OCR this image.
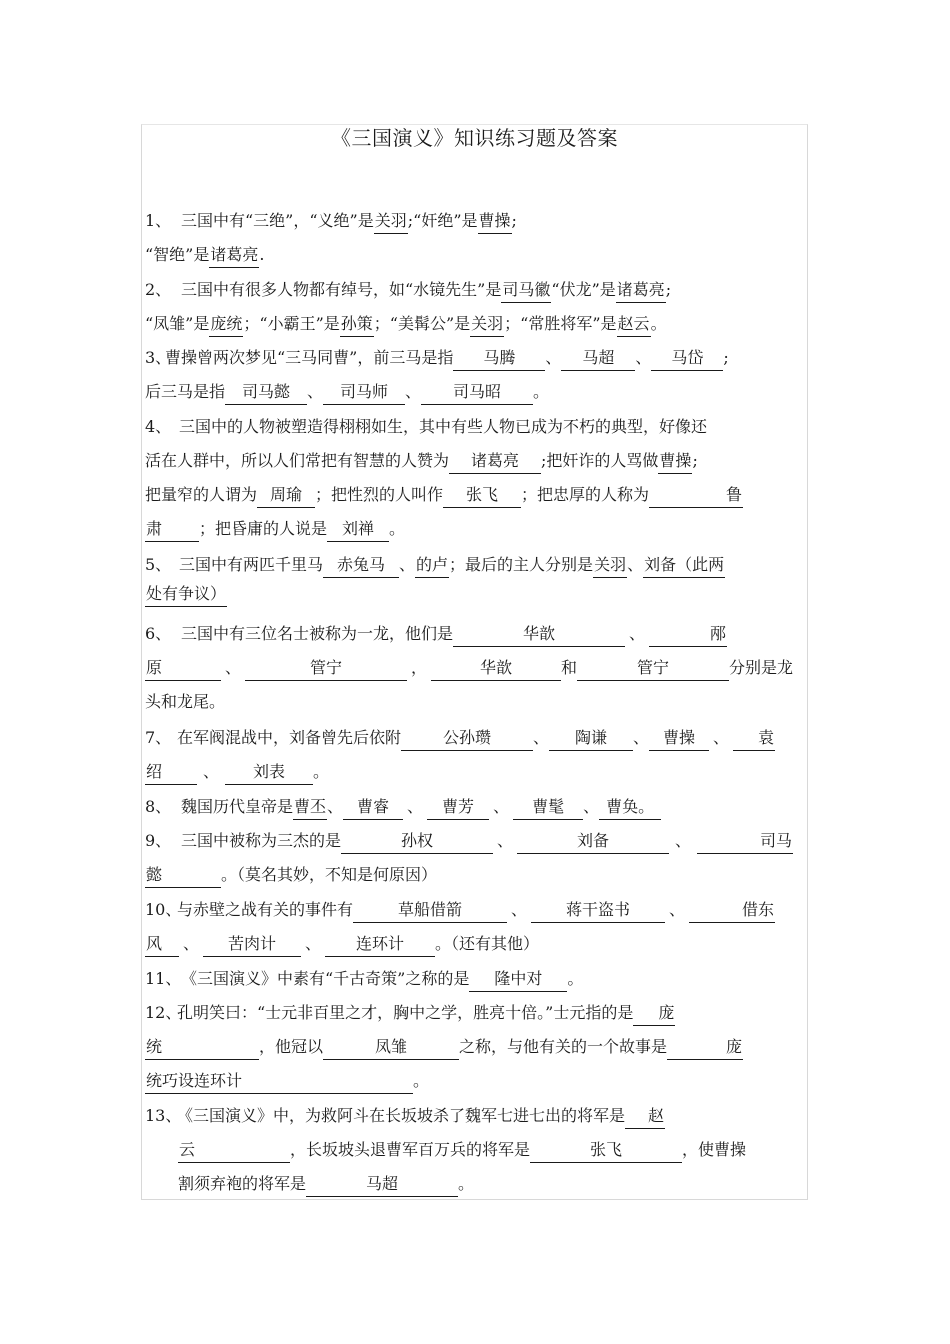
《三国演义》知识练习题及答案
1、 三国中有“三绝”，“义绝”是 关羽 ;“奸绝”是 曹操 ;
“智绝”是 诸葛亮 .
2、 三国中有很多人物都有绰号，如“水镜先生”是 司马徽 “伏龙”是 诸葛亮 ;
“凤雏”是 庞统 ；“小霸王”是 孙策 ；“美髯公”是 关羽 ；“常胜将军”是 赵云 。
3、
曹操曾两次梦见“三马同曹”，前三马是指	马腾	、	马超	、	马岱	;
后三马是指	司马懿	、	司马师	、	司马昭	。
4、 三国中的人物被塑造得栩栩如生，其中有些人物已成为不朽的典型，好像还
活在人群中，所以人们常把有智慧的人赞为	诸葛亮	;把奸诈的人骂做 曹操 ;
把量窄的人谓为 周瑜 ；把性烈的人叫作	张飞	；把忠厚的人称为	鲁
肃	；把昏庸的人说是 刘禅 。
5、 三国中有两匹千里马 赤兔马 、 的卢 ；最后的主人分别是 关羽 、 刘备（此两
处有争议）
6、 三国中有三位名士被称为一龙，他们是	华歆	、	邴
原	、	管宁	，	华歆	和	管宁	分别是龙
头和龙尾。
7、 在军阀混战中，刘备曾先后依附	公孙瓒	、	陶谦	、 曹操	、	袁
绍	、	刘表	。
8、 魏国历代皇帝是 曹丕 、 曹睿	、	曹芳	、	曹髦	、 曹奂。
9、 三国中被称为三杰的是	孙权	、	刘备	、	司马
懿	。（莫名其妙，不知是何原因）
10、
与赤壁之战有关的事件有	草船借箭	、	蒋干盗书	、	借东
风	、	苦肉计	、	连环计	。（还有其他）
11、 《三国演义》中素有“千古奇策”之称的是	隆中对	。
12、
孔明笑曰：“士元非百里之才，胸中之学，胜亮十倍。”士元指的是	庞
统	，他冠以	凤雏	之称，与他有关的一个故事是	庞
统巧设连环计	。
13、
《三国演义》中，为救阿斗在长坂坡杀了魏军七进七出的将军是	赵
云	，长坂坡头退曹军百万兵的将军是	张飞	，使曹操
割须弃袍的将军是	马超	。
